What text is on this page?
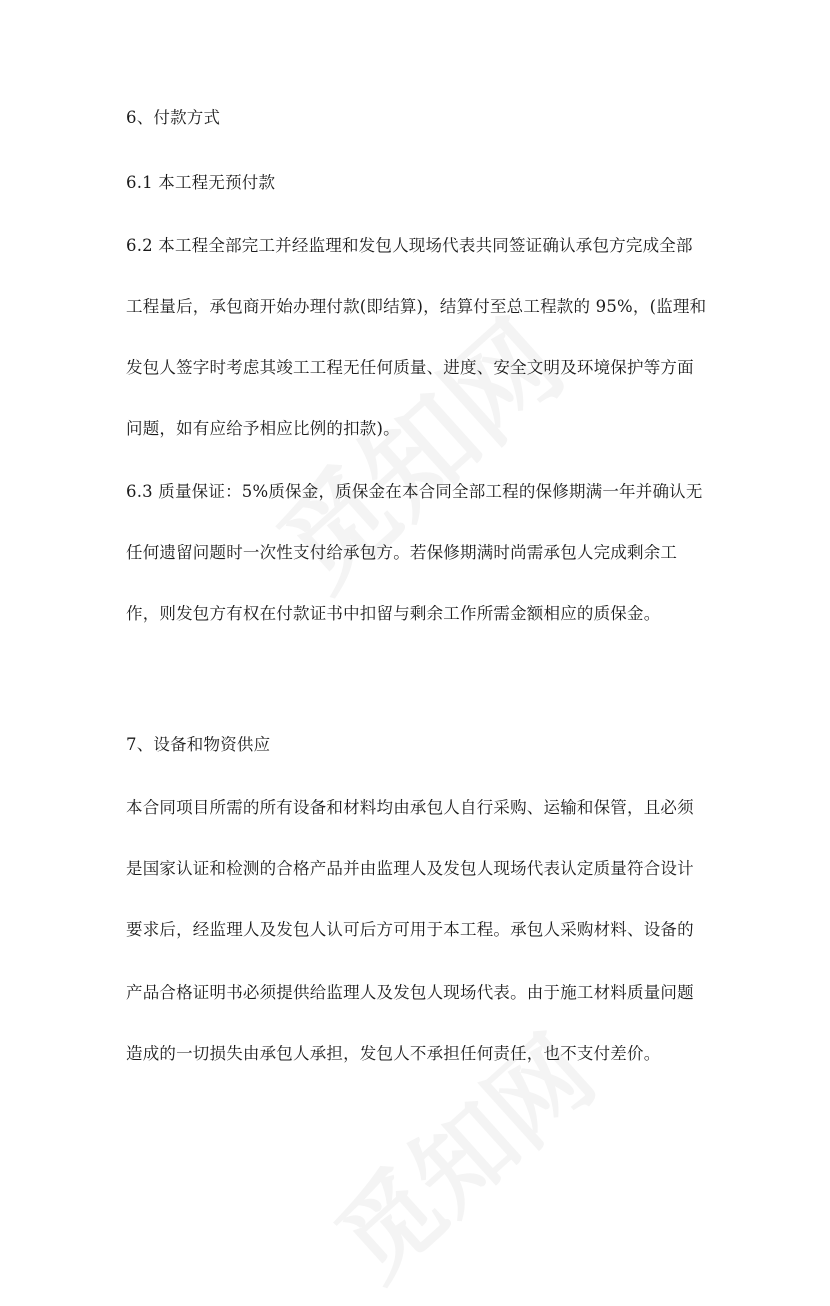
6、付款方式
6.1 本工程无预付款
6.2 本工程全部完工并经监理和发包人现场代表共同签证确认承包方完成全部
工程量后，承包商开始办理付款(即结算)，结算付至总工程款的 95%，(监理和
发包人签字时考虑其竣工工程无任何质量、进度、安全文明及环境保护等方面
问题，如有应给予相应比例的扣款)。
6.3 质量保证：5%质保金，质保金在本合同全部工程的保修期满一年并确认无
任何遗留问题时一次性支付给承包方。若保修期满时尚需承包人完成剩余工
作，则发包方有权在付款证书中扣留与剩余工作所需金额相应的质保金。
7、设备和物资供应
本合同项目所需的所有设备和材料均由承包人自行采购、运输和保管，且必须
是国家认证和检测的合格产品并由监理人及发包人现场代表认定质量符合设计
要求后，经监理人及发包人认可后方可用于本工程。承包人采购材料、设备的
产品合格证明书必须提供给监理人及发包人现场代表。由于施工材料质量问题
造成的一切损失由承包人承担，发包人不承担任何责任，也不支付差价。
